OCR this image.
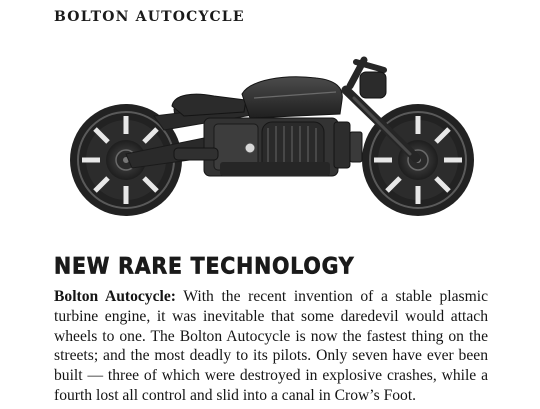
BOLTON AUTOCYCLE
NEW RARE TECHNOLOGY

Bolton Autocycle: With the recent invention of a stable plasmic turbine engine, it was inevitable that some daredevil would attach wheels to one. The Bolton Autocycle is now the fastest thing on the streets; and the most deadly to its pilots. Only seven have ever been built — three of which were destroyed in explosive crashes, while a fourth lost all control and slid into a canal in Crow’s Foot.
